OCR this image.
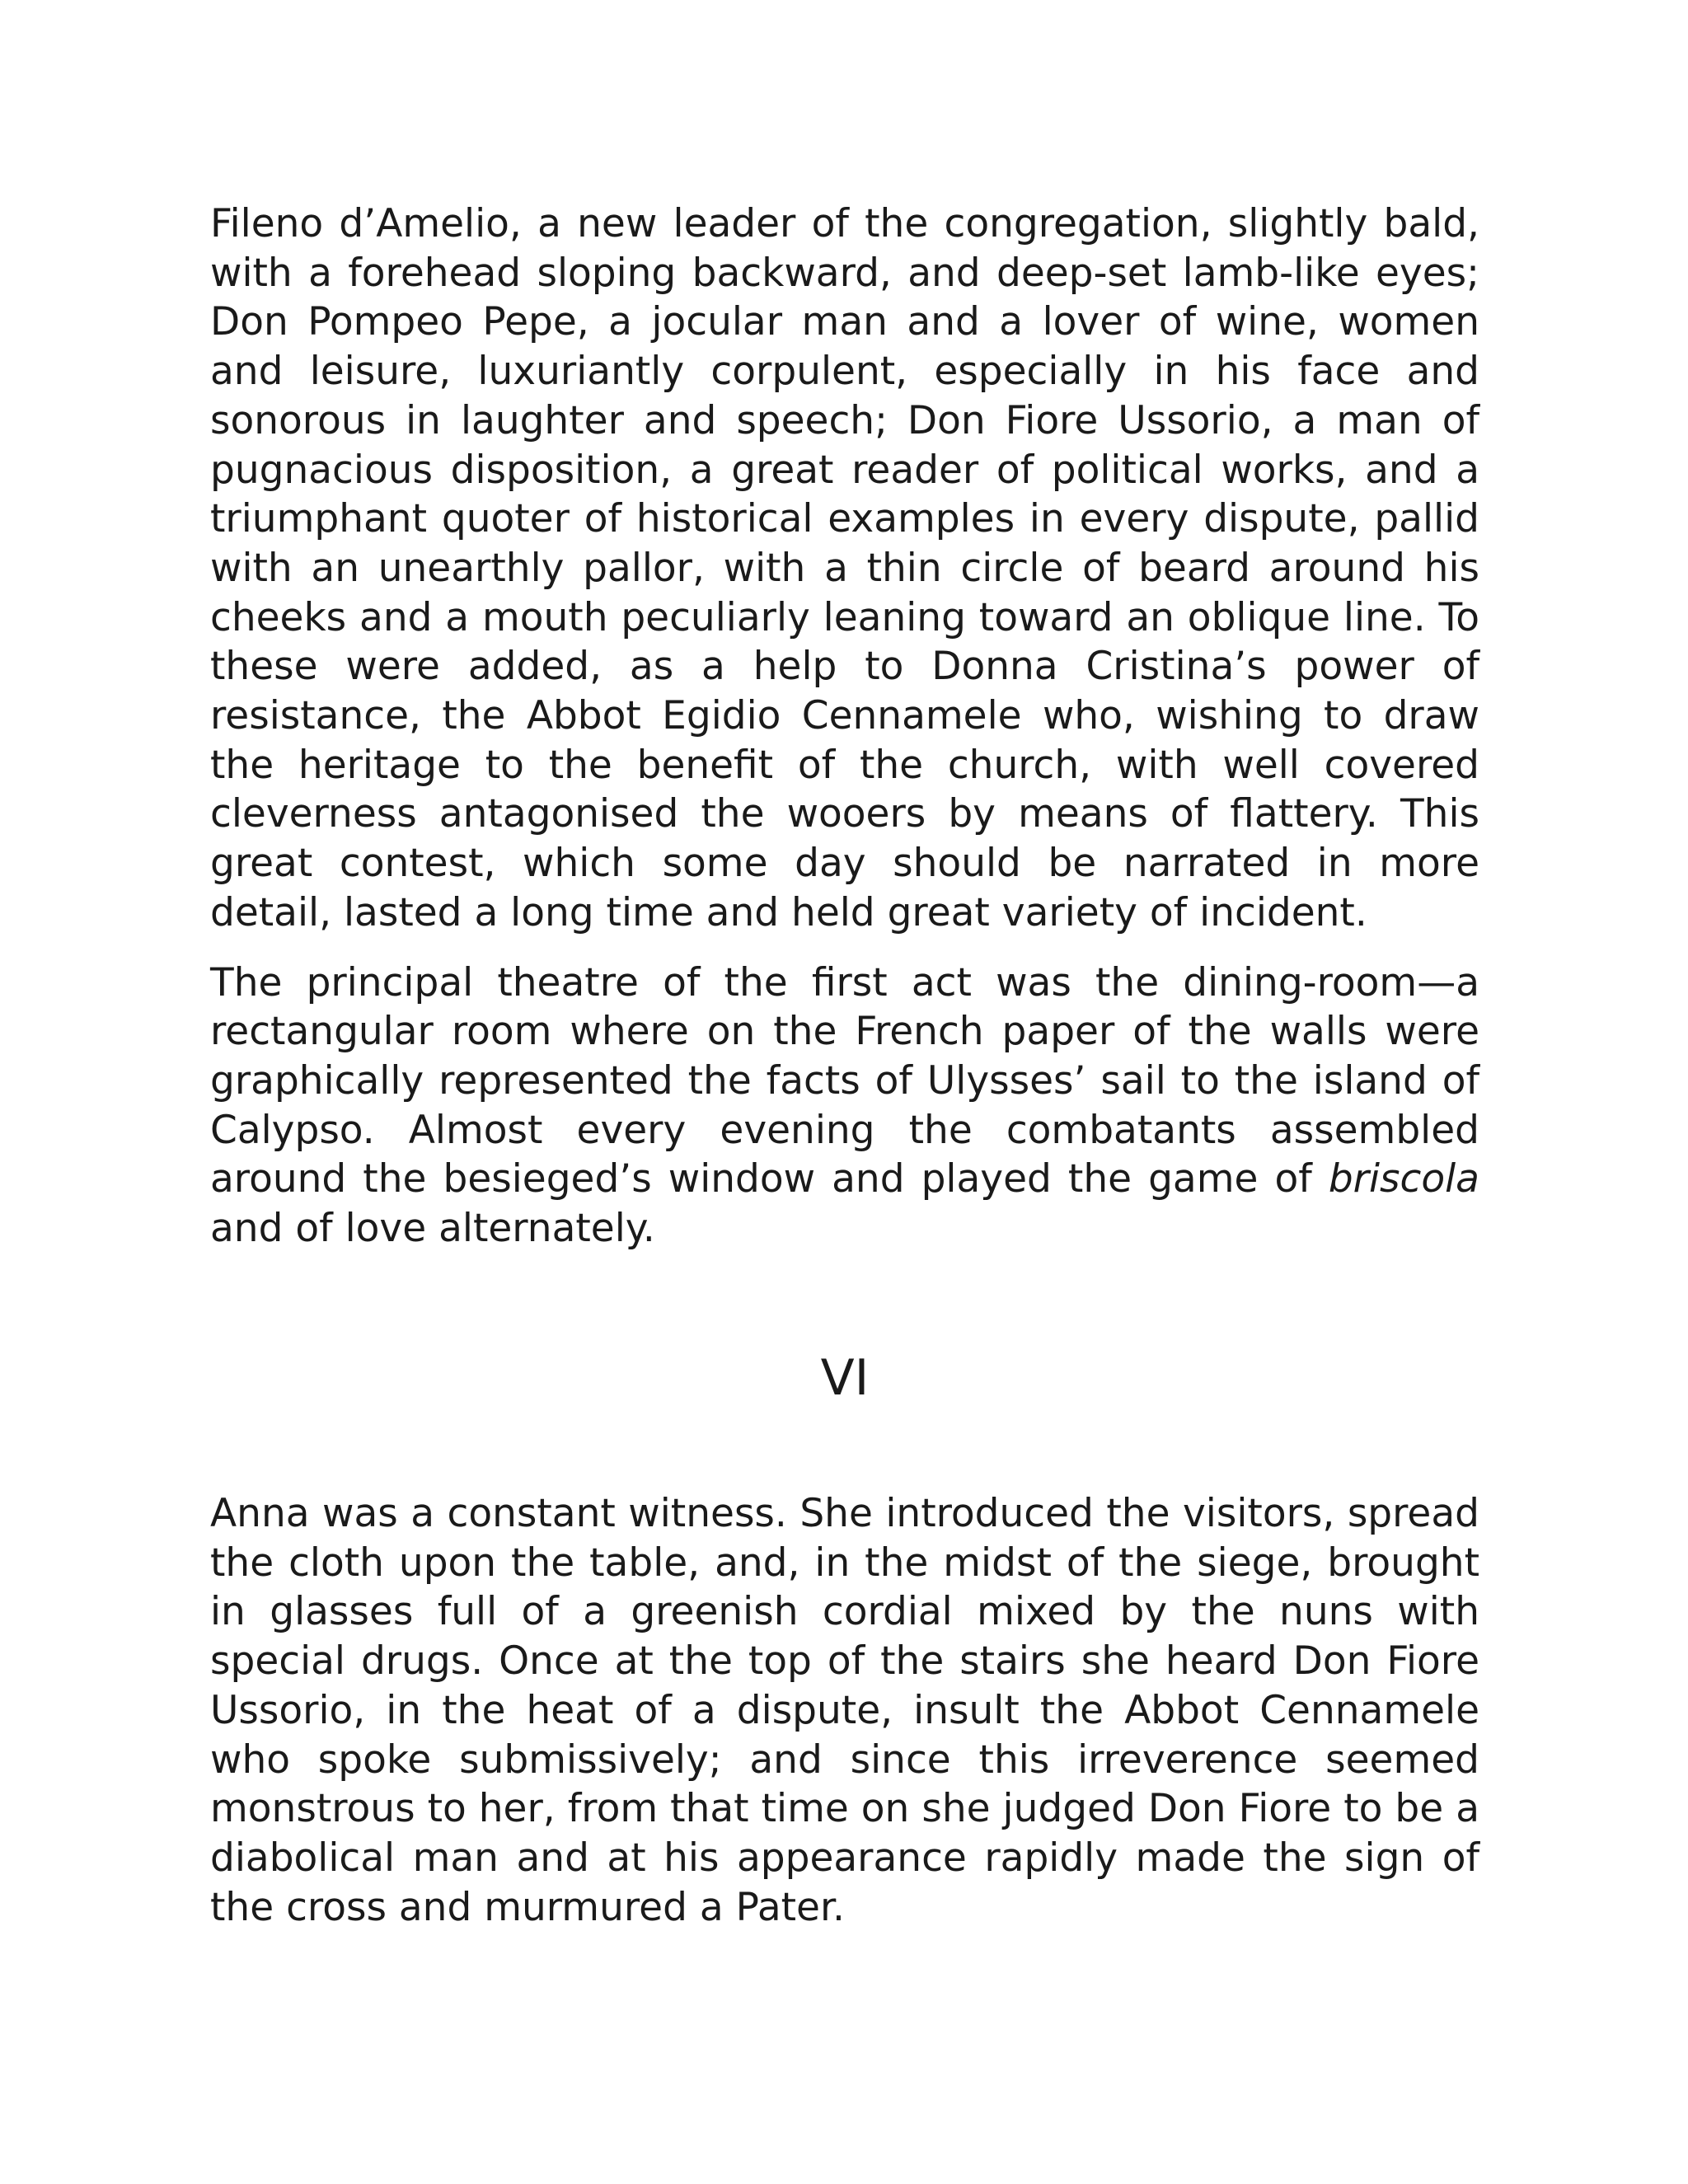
Fileno d’Amelio, a new leader of the congregation, slightly bald, with a forehead sloping backward, and deep-set lamb-like eyes; Don Pompeo Pepe, a jocular man and a lover of wine, women and leisure, luxuriantly corpulent, especially in his face and sonorous in laughter and speech; Don Fiore Ussorio, a man of pugnacious disposition, a great reader of political works, and a triumphant quoter of historical examples in every dispute, pallid with an unearthly pallor, with a thin circle of beard around his cheeks and a mouth peculiarly leaning toward an oblique line. To these were added, as a help to Donna Cristina’s power of resistance, the Abbot Egidio Cennamele who, wishing to draw the heritage to the benefit of the church, with well covered cleverness antagonised the wooers by means of flattery. This great contest, which some day should be narrated in more detail, lasted a long time and held great variety of incident.

The principal theatre of the first act was the dining-room—a rectangular room where on the French paper of the walls were graphically represented the facts of Ulysses’ sail to the island of Calypso. Almost every evening the combatants assembled around the besieged’s window and played the game of briscola and of love alternately.

VI

Anna was a constant witness. She introduced the visitors, spread the cloth upon the table, and, in the midst of the siege, brought in glasses full of a greenish cordial mixed by the nuns with special drugs. Once at the top of the stairs she heard Don Fiore Ussorio, in the heat of a dispute, insult the Abbot Cennamele who spoke submissively; and since this irreverence seemed monstrous to her, from that time on she judged Don Fiore to be a diabolical man and at his appearance rapidly made the sign of the cross and murmured a Pater.
